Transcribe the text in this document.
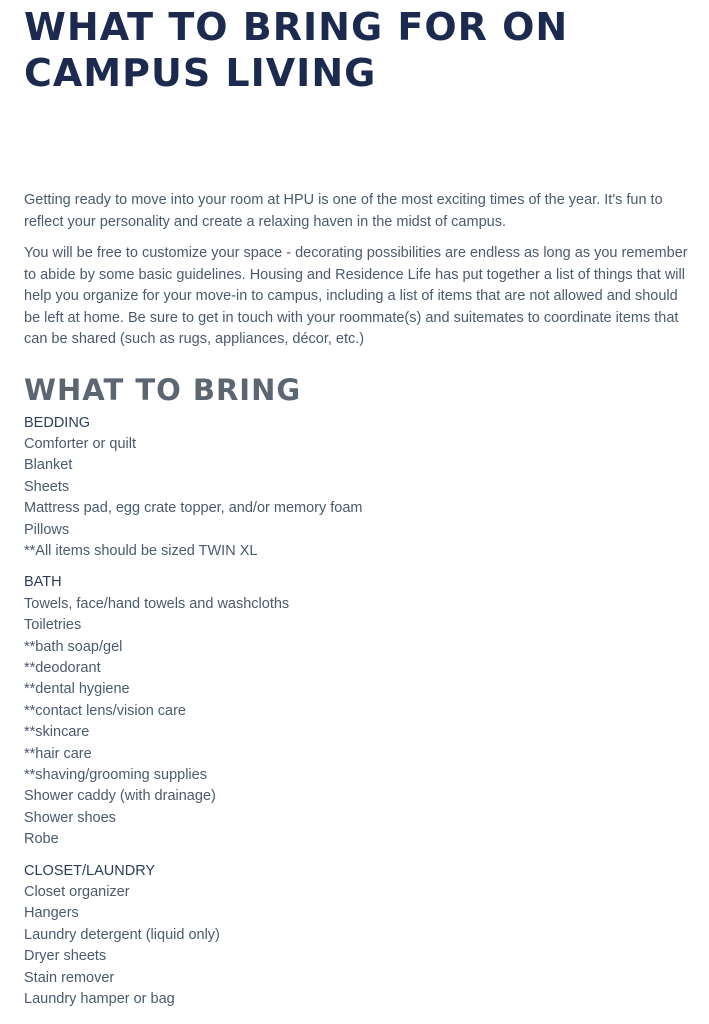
WHAT TO BRING FOR ON CAMPUS LIVING

Getting ready to move into your room at HPU is one of the most exciting times of the year. It's fun to reflect your personality and create a relaxing haven in the midst of campus.

You will be free to customize your space - decorating possibilities are endless as long as you remember to abide by some basic guidelines. Housing and Residence Life has put together a list of things that will help you organize for your move-in to campus, including a list of items that are not allowed and should be left at home. Be sure to get in touch with your roommate(s) and suitemates to coordinate items that can be shared (such as rugs, appliances, décor, etc.)

WHAT TO BRING
BEDDING
Comforter or quilt
Blanket
Sheets
Mattress pad, egg crate topper, and/or memory foam
Pillows
**All items should be sized TWIN XL
BATH
Towels, face/hand towels and washcloths
Toiletries
**bath soap/gel
**deodorant
**dental hygiene
**contact lens/vision care
**skincare
**hair care
**shaving/grooming supplies
Shower caddy (with drainage)
Shower shoes
Robe
CLOSET/LAUNDRY
Closet organizer
Hangers
Laundry detergent (liquid only)
Dryer sheets
Stain remover
Laundry hamper or bag
